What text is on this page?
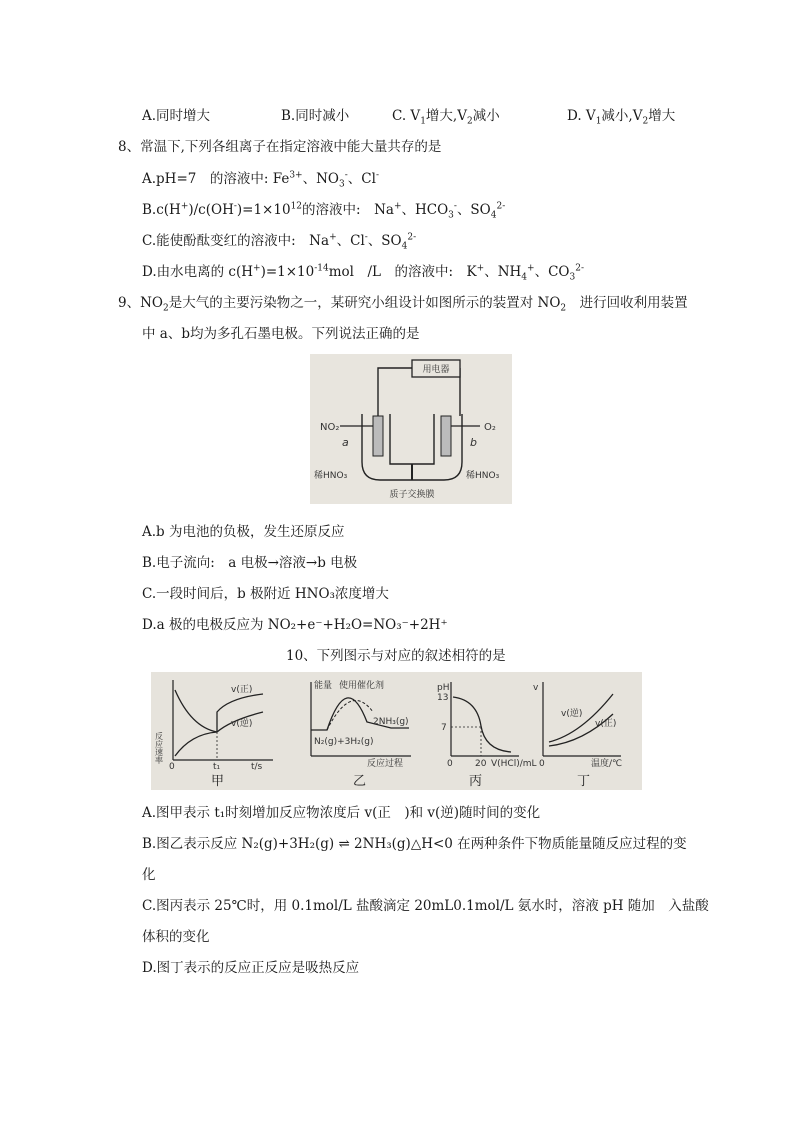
A.同时增大	B.同时减小	C. $V_1$增大$,V_2$减小	D. $V_1$减小$,V_2$增大
8、常温下,下列各组离子在指定溶液中能大量共存的是
A.pH=7　的溶液中: $Fe^{3+}$、$NO_3^-$、Cl-
$B.c(H^+)/c(OH^-)=1\times 10^{12}$的溶液中:　Na+、$HCO_3^-$、$SO_4^{2-}$
C.能使酚酞变红的溶液中:　Na+、Cl-、$SO_4^{2-}$
D.由水电离的 $c(H^+)=1\times 10^{-14}mol$　/L　的溶液中:　K+、$NH_4^+$、$CO_3^{2-}$
9、$NO_2$是大气的主要污染物之一，某研究小组设计如图所示的装置对 $NO_2$　进行回收利用装置
中 a、b均为多孔石墨电极。下列说法正确的是
用电器
NO₂	O₂
a	b
稀HNO₃	稀HNO₃
质子交换膜
A.b 为电池的负极，发生还原反应
B.电子流向:　a 电极→溶液→b 电极
C.一段时间后，b 极附近 HNO₃浓度增大
D.a 极的电极反应为 NO₂+e⁻+H₂O=NO₃⁻+2H⁺
10、下列图示与对应的叙述相符的是
反应速率
v(正)
v(逆)
0	t₁	t/s
甲
能量 使用催化剂
N₂(g)+3H₂(g)
2NH₃(g)
反应过程
乙
pH
13
7
0 20 V(HCl)/mL
丙
v
v(逆)
v(正)
0	温度/℃
丁
A.图甲表示 t₁时刻增加反应物浓度后 v(正　)和 v(逆)随时间的变化
B.图乙表示反应 N₂(g)+3H₂(g) ⇌ 2NH₃(g)△H<0 在两种条件下物质能量随反应过程的变
化
C.图丙表示 25℃时，用 0.1mol/L 盐酸滴定 20mL0.1mol/L 氨水时，溶液 pH 随加　入盐酸
体积的变化
D.图丁表示的反应正反应是吸热反应
